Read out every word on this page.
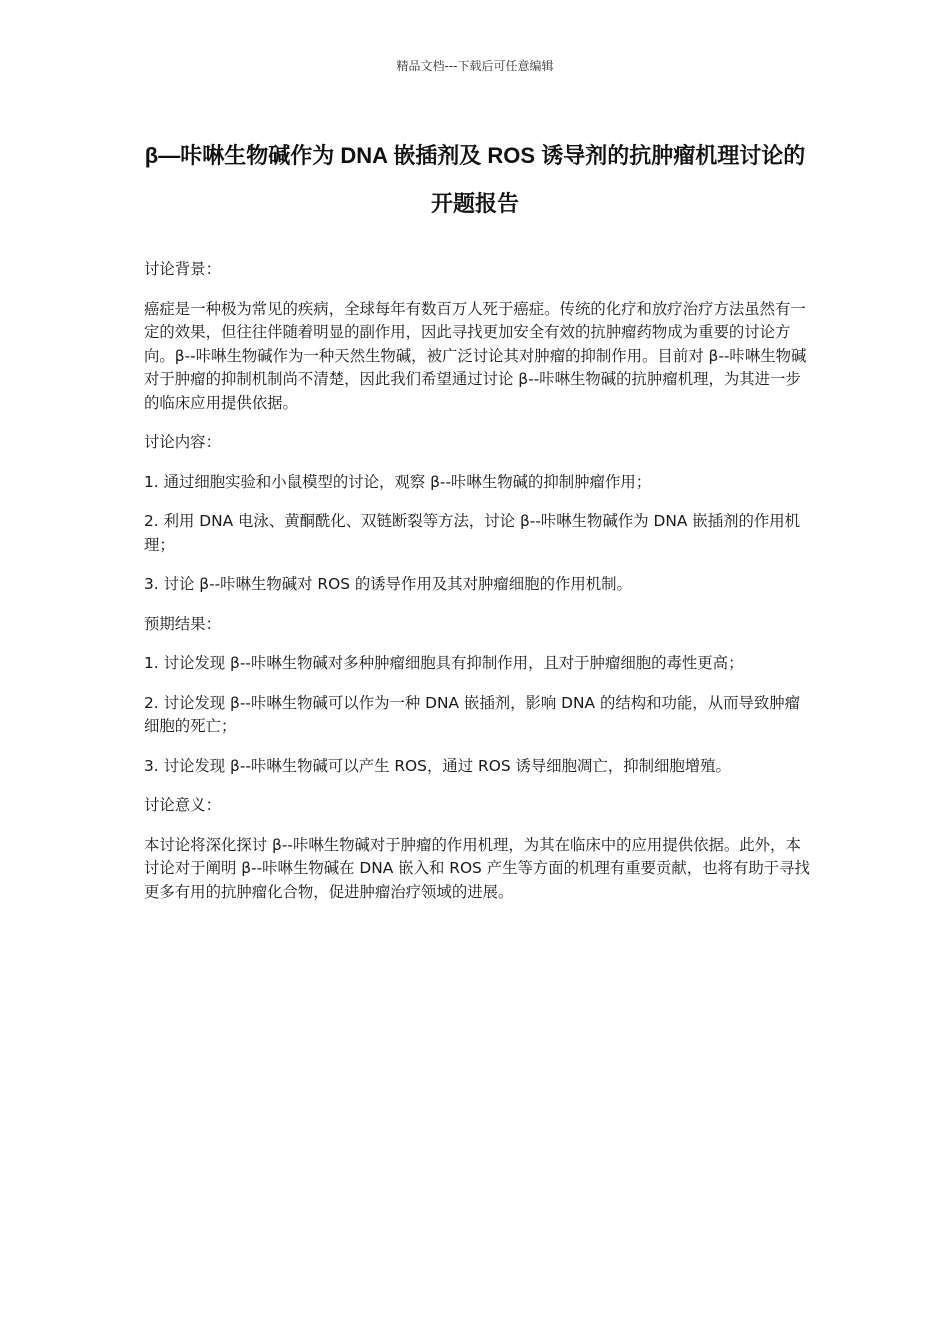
精品文档---下载后可任意编辑
β—咔啉生物碱作为 DNA 嵌插剂及 ROS 诱导剂的抗肿瘤机理讨论的开题报告

讨论背景：

癌症是一种极为常见的疾病，全球每年有数百万人死于癌症。传统的化疗和放疗治疗方法虽然有一定的效果，但往往伴随着明显的副作用，因此寻找更加安全有效的抗肿瘤药物成为重要的讨论方向。β--咔啉生物碱作为一种天然生物碱，被广泛讨论其对肿瘤的抑制作用。目前对 β--咔啉生物碱对于肿瘤的抑制机制尚不清楚，因此我们希望通过讨论 β--咔啉生物碱的抗肿瘤机理，为其进一步的临床应用提供依据。

讨论内容：

1. 通过细胞实验和小鼠模型的讨论，观察 β--咔啉生物碱的抑制肿瘤作用；

2. 利用 DNA 电泳、黄酮酰化、双链断裂等方法，讨论 β--咔啉生物碱作为 DNA 嵌插剂的作用机理；

3. 讨论 β--咔啉生物碱对 ROS 的诱导作用及其对肿瘤细胞的作用机制。

预期结果：

1. 讨论发现 β--咔啉生物碱对多种肿瘤细胞具有抑制作用，且对于肿瘤细胞的毒性更高；

2. 讨论发现 β--咔啉生物碱可以作为一种 DNA 嵌插剂，影响 DNA 的结构和功能，从而导致肿瘤细胞的死亡；

3. 讨论发现 β--咔啉生物碱可以产生 ROS，通过 ROS 诱导细胞凋亡，抑制细胞增殖。

讨论意义：

本讨论将深化探讨 β--咔啉生物碱对于肿瘤的作用机理，为其在临床中的应用提供依据。此外，本讨论对于阐明 β--咔啉生物碱在 DNA 嵌入和 ROS 产生等方面的机理有重要贡献，也将有助于寻找更多有用的抗肿瘤化合物，促进肿瘤治疗领域的进展。
